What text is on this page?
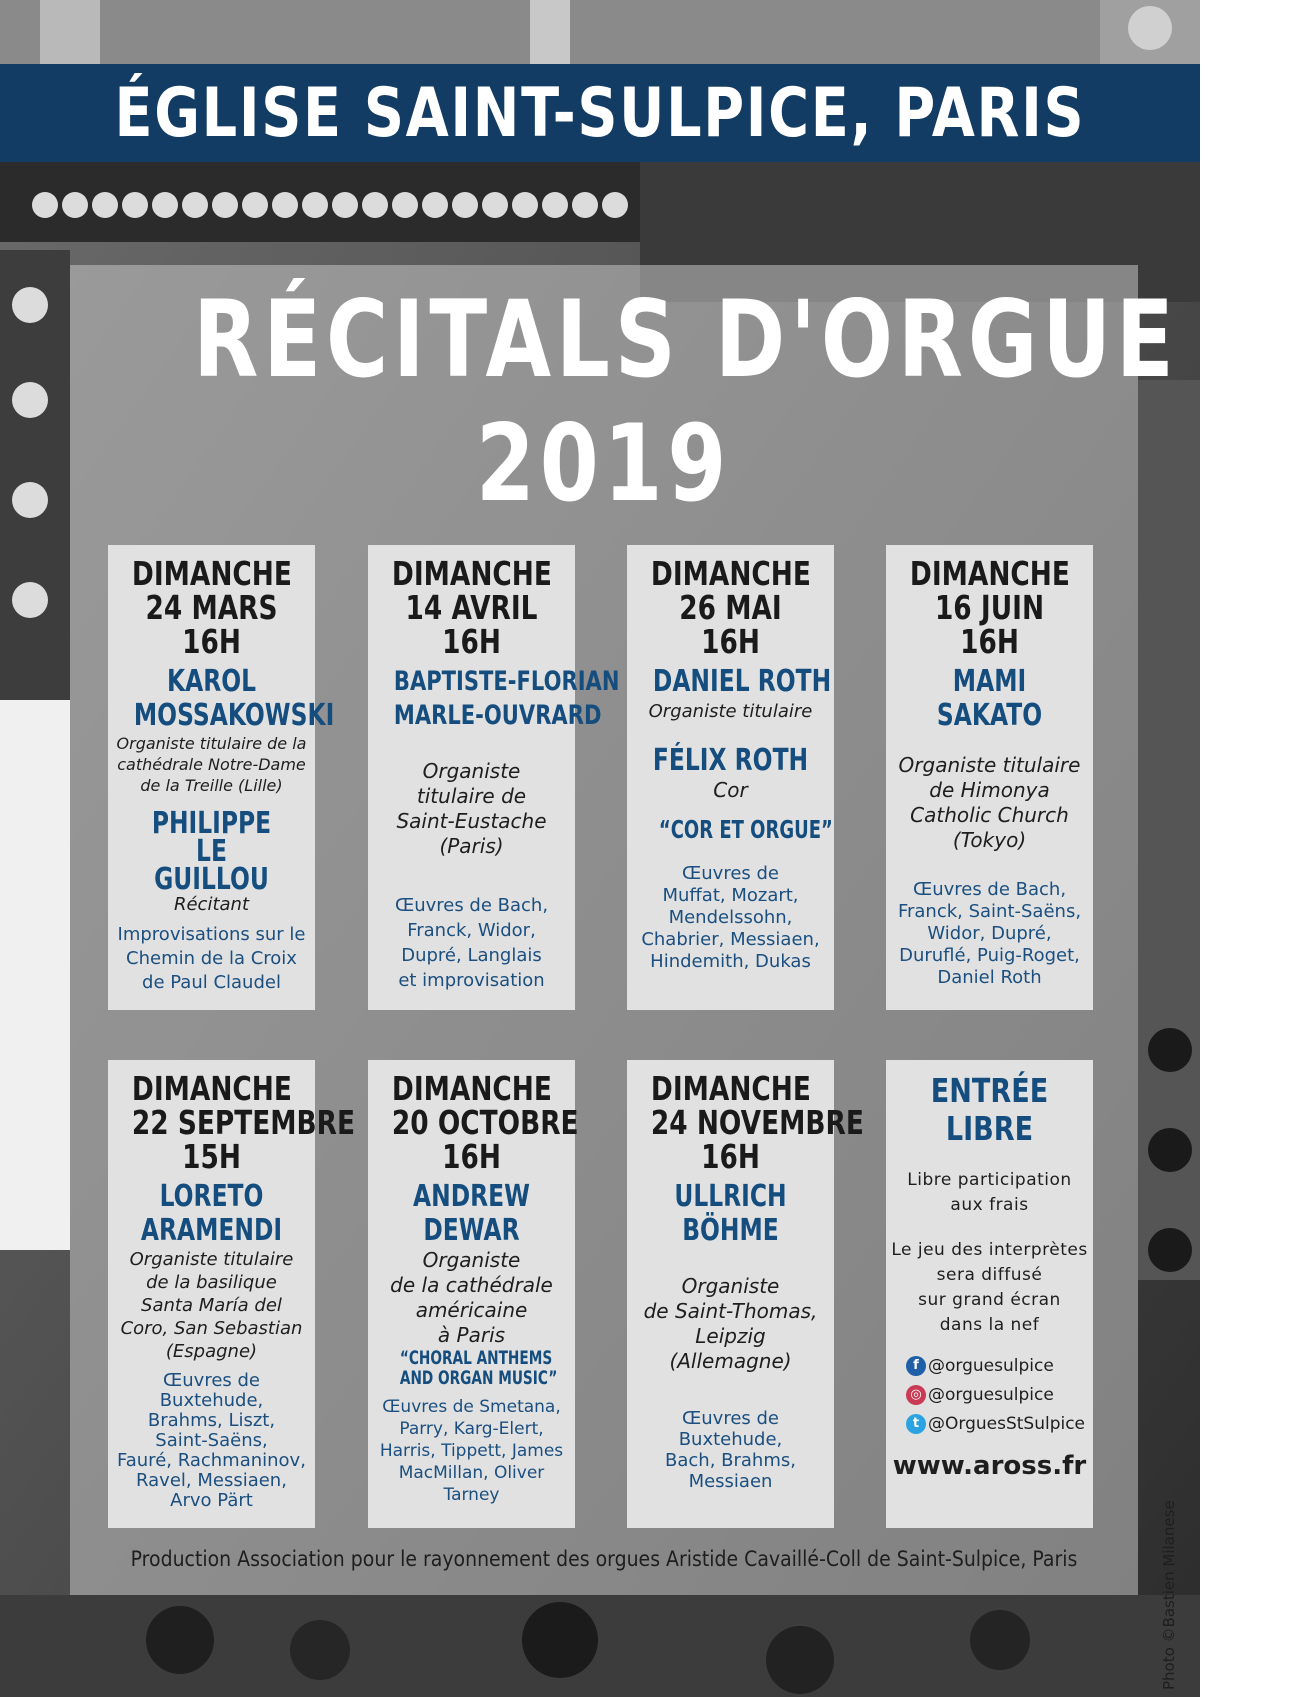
ÉGLISE SAINT-SULPICE, PARIS
RÉCITALS D'ORGUE
2019
DIMANCHE
24 MARS
16H
KAROL
MOSSAKOWSKI
Organiste titulaire de la
cathédrale Notre-Dame
de la Treille (Lille)
PHILIPPE
LE
GUILLOU
Récitant
Improvisations sur le
Chemin de la Croix
de Paul Claudel
DIMANCHE
14 AVRIL
16H
BAPTISTE-FLORIAN
MARLE-OUVRARD
Organiste
titulaire de
Saint-Eustache
(Paris)
Œuvres de Bach,
Franck, Widor,
Dupré, Langlais
et improvisation
DIMANCHE
26 MAI
16H
DANIEL ROTH
Organiste titulaire
FÉLIX ROTH
Cor
“COR ET ORGUE”
Œuvres de
Muffat, Mozart,
Mendelssohn,
Chabrier, Messiaen,
Hindemith, Dukas
DIMANCHE
16 JUIN
16H
MAMI
SAKATO
Organiste titulaire
de Himonya
Catholic Church
(Tokyo)
Œuvres de Bach,
Franck, Saint-Saëns,
Widor, Dupré,
Duruflé, Puig-Roget,
Daniel Roth
DIMANCHE
22 SEPTEMBRE
15H
LORETO
ARAMENDI
Organiste titulaire
de la basilique
Santa María del
Coro, San Sebastian
(Espagne)
Œuvres de
Buxtehude,
Brahms, Liszt,
Saint-Saëns,
Fauré, Rachmaninov,
Ravel, Messiaen,
Arvo Pärt
DIMANCHE
20 OCTOBRE
16H
ANDREW
DEWAR
Organiste
de la cathédrale
américaine
à Paris
“CHORAL ANTHEMS
AND ORGAN MUSIC”
Œuvres de Smetana,
Parry, Karg-Elert,
Harris, Tippett, James
MacMillan, Oliver
Tarney
DIMANCHE
24 NOVEMBRE
16H
ULLRICH
BÖHME
Organiste
de Saint-Thomas,
Leipzig
(Allemagne)
Œuvres de
Buxtehude,
Bach, Brahms,
Messiaen
ENTRÉE
LIBRE
Libre participation
aux frais
Le jeu des interprètes
sera diffusé
sur grand écran
dans la nef
f @orguesulpice
◎ @orguesulpice
t @OrguesStSulpice
www.aross.fr
Production Association pour le rayonnement des orgues Aristide Cavaillé-Coll de Saint-Sulpice, Paris	Photo ©Bastien Milanese
